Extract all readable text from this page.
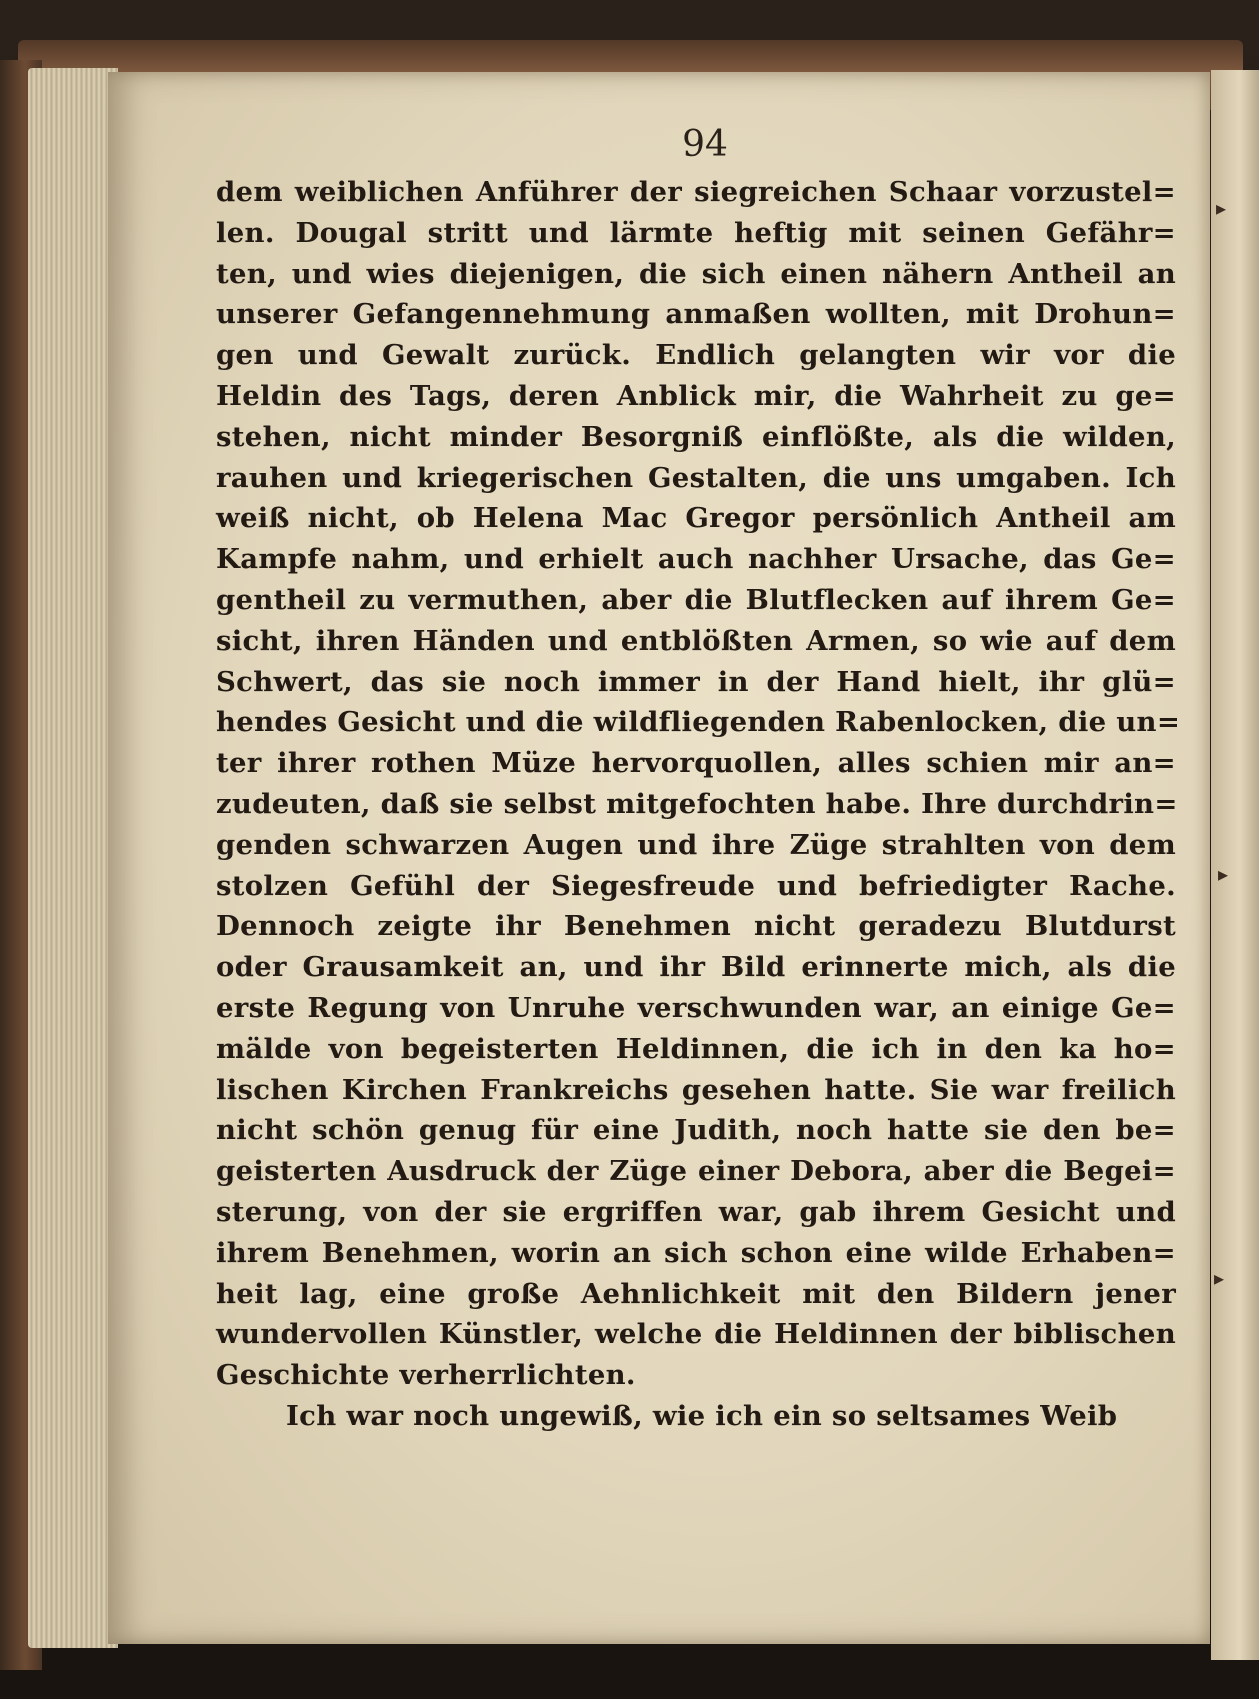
94
dem weiblichen Anführer der siegreichen Schaar vorzustel=
len. Dougal stritt und lärmte heftig mit seinen Gefähr=
ten, und wies diejenigen, die sich einen nähern Antheil an
unserer Gefangennehmung anmaßen wollten, mit Drohun=
gen und Gewalt zurück. Endlich gelangten wir vor die
Heldin des Tags, deren Anblick mir, die Wahrheit zu ge=
stehen, nicht minder Besorgniß einflößte, als die wilden,
rauhen und kriegerischen Gestalten, die uns umgaben. Ich
weiß nicht, ob Helena Mac Gregor persönlich Antheil am
Kampfe nahm, und erhielt auch nachher Ursache, das Ge=
gentheil zu vermuthen, aber die Blutflecken auf ihrem Ge=
sicht, ihren Händen und entblößten Armen, so wie auf dem
Schwert, das sie noch immer in der Hand hielt, ihr glü=
hendes Gesicht und die wildfliegenden Rabenlocken, die un=
ter ihrer rothen Müze hervorquollen, alles schien mir an=
zudeuten, daß sie selbst mitgefochten habe. Ihre durchdrin=
genden schwarzen Augen und ihre Züge strahlten von dem
stolzen Gefühl der Siegesfreude und befriedigter Rache.
Dennoch zeigte ihr Benehmen nicht geradezu Blutdurst
oder Grausamkeit an, und ihr Bild erinnerte mich, als die
erste Regung von Unruhe verschwunden war, an einige Ge=
mälde von begeisterten Heldinnen, die ich in den ka ho=
lischen Kirchen Frankreichs gesehen hatte. Sie war freilich
nicht schön genug für eine Judith, noch hatte sie den be=
geisterten Ausdruck der Züge einer Debora, aber die Begei=
sterung, von der sie ergriffen war, gab ihrem Gesicht und
ihrem Benehmen, worin an sich schon eine wilde Erhaben=
heit lag, eine große Aehnlichkeit mit den Bildern jener
wundervollen Künstler, welche die Heldinnen der biblischen
Geschichte verherrlichten.
Ich war noch ungewiß, wie ich ein so seltsames Weib
▸
▸
▸
